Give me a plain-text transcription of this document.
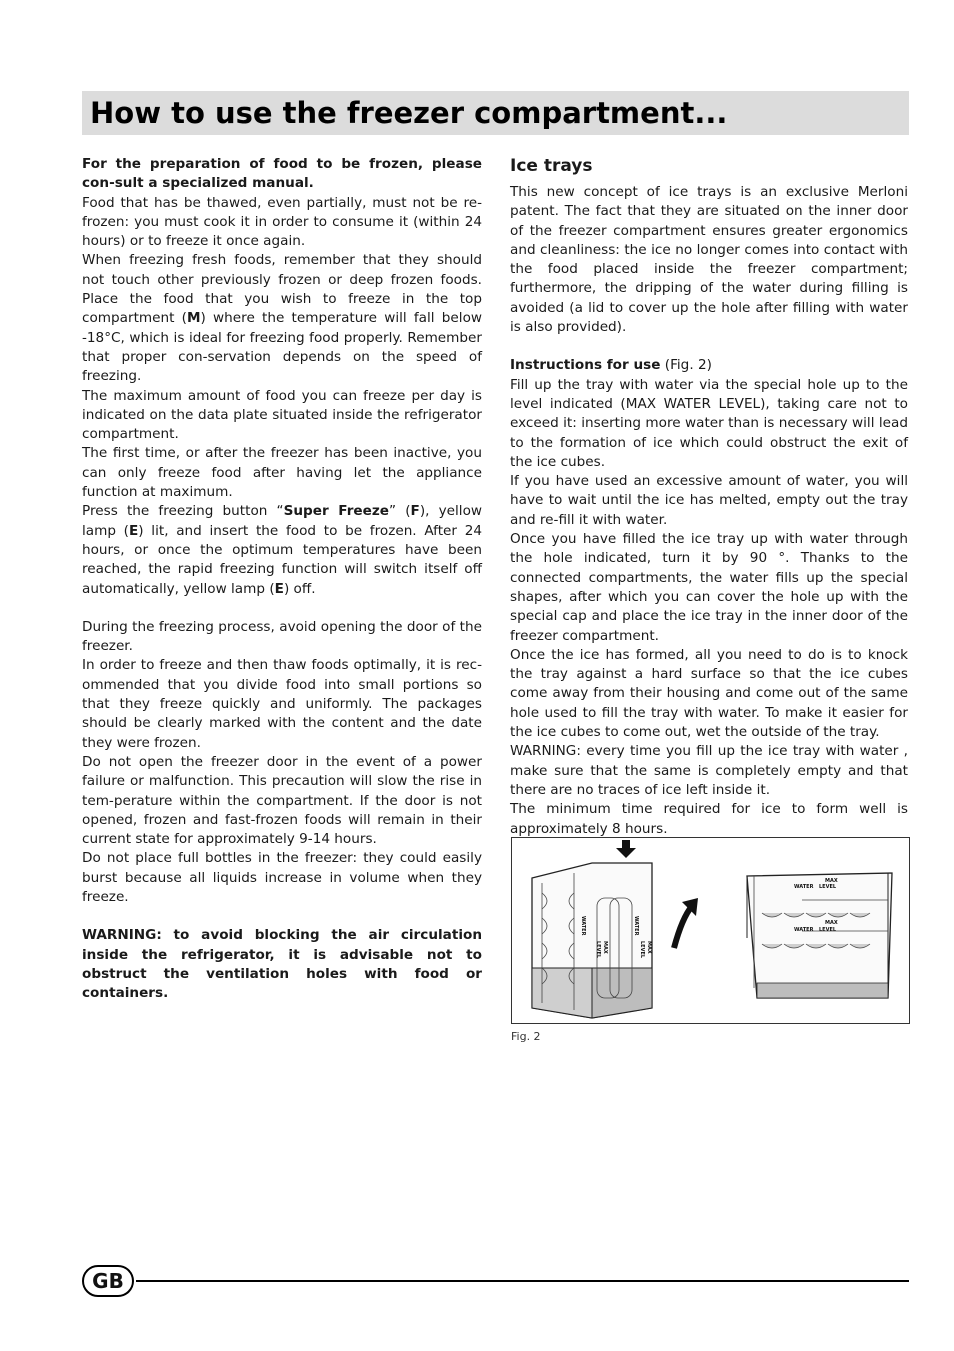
How to use the freezer compartment...

For the preparation of food to be frozen, please con-sult a specialized manual.

Food that has be thawed, even partially, must not be re-frozen: you must cook it in order to consume it (within 24 hours) or to freeze it once again.

When freezing fresh foods, remember that they should not touch other previously frozen or deep frozen foods. Place the food that you wish to freeze in the top compartment (M) where the temperature will fall below -18°C, which is ideal for freezing food properly. Remember that proper con-servation depends on the speed of freezing.

The maximum amount of food you can freeze per day is indicated on the data plate situated inside the refrigerator compartment.

The first time, or after the freezer has been inactive, you can only freeze food after having let the appliance function at maximum.

Press the freezing button “Super Freeze” (F), yellow lamp (E) lit, and insert the food to be frozen. After 24 hours, or once the optimum temperatures have been reached, the rapid freezing function will switch itself off automatically, yellow lamp (E) off.

During the freezing process, avoid opening the door of the freezer.

In order to freeze and then thaw foods optimally, it is rec-ommended that you divide food into small portions so that they freeze quickly and uniformly. The packages should be clearly marked with the content and the date they were frozen.

Do not open the freezer door in the event of a power failure or malfunction. This precaution will slow the rise in tem-perature within the compartment. If the door is not opened, frozen and fast-frozen foods will remain in their current state for approximately 9-14 hours.

Do not place full bottles in the freezer: they could easily burst because all liquids increase in volume when they freeze.

WARNING: to avoid blocking the air circulation inside the refrigerator, it is advisable not to obstruct the ventilation holes with food or containers.

Ice trays

This new concept of ice trays is an exclusive Merloni patent. The fact that they are situated on the inner door of the freezer compartment ensures greater ergonomics and cleanliness: the ice no longer comes into contact with the food placed inside the freezer compartment; furthermore, the dripping of the water during filling is avoided (a lid to cover up the hole after filling with water is also provided).

Instructions for use (Fig. 2)

Fill up the tray with water via the special hole up to the level indicated (MAX WATER LEVEL), taking care not to exceed it: inserting more water than is necessary will lead to the formation of ice which could obstruct the exit of the ice cubes.

If you have used an excessive amount of water, you will have to wait until the ice has melted, empty out the tray and re-fill it with water.

Once you have filled the ice tray up with water through the hole indicated, turn it by 90 °. Thanks to the connected compartments, the water fills up the special shapes, after which you can cover the hole up with the special cap and place the ice tray in the inner door of the freezer compartment.

Once the ice has formed, all you need to do is to knock the tray against a hard surface so that the ice cubes come away from their housing and come out of the same hole used to fill the tray with water. To make it easier for the ice cubes to come out, wet the outside of the tray.

WARNING: every time you fill up the ice tray with water , make sure that the same is completely empty and that there are no traces of ice left inside it.

The minimum time required for ice to form well is approximately 8 hours.

WATER
MAX
LEVEL
WATER
MAX
LEVEL
MAX
WATER LEVEL
MAX
WATER LEVEL
Fig. 2
GB
